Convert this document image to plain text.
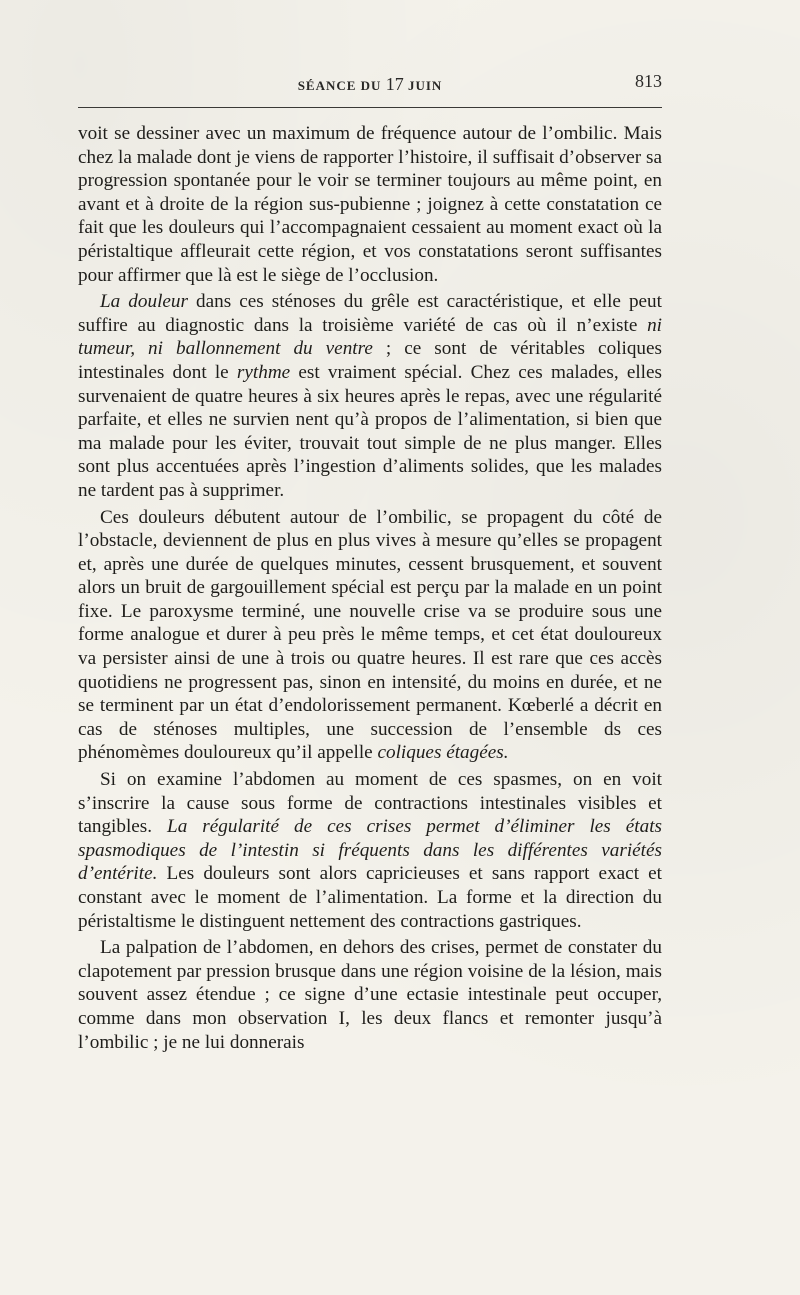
SÉANCE DU 17 JUIN	813

voit se dessiner avec un maximum de fréquence autour de l’ombilic. Mais chez la malade dont je viens de rapporter l’histoire, il suffisait d’observer sa progression spontanée pour le voir se terminer toujours au même point, en avant et à droite de la région sus-pubienne ; joignez à cette constatation ce fait que les douleurs qui l’accompagnaient cessaient au moment exact où la péristaltique affleurait cette région, et vos constatations seront suffisantes pour affirmer que là est le siège de l’occlusion.

La douleur dans ces sténoses du grêle est caractéristique, et elle peut suffire au diagnostic dans la troisième variété de cas où il n’existe ni tumeur, ni ballonnement du ventre ; ce sont de véritables coliques intestinales dont le rythme est vraiment spécial. Chez ces malades, elles survenaient de quatre heures à six heures après le repas, avec une régularité parfaite, et elles ne survien nent qu’à propos de l’alimentation, si bien que ma malade pour les éviter, trouvait tout simple de ne plus manger. Elles sont plus accentuées après l’ingestion d’aliments solides, que les malades ne tardent pas à supprimer.

Ces douleurs débutent autour de l’ombilic, se propagent du côté de l’obstacle, deviennent de plus en plus vives à mesure qu’elles se propagent et, après une durée de quelques minutes, cessent brusquement, et souvent alors un bruit de gargouillement spécial est perçu par la malade en un point fixe. Le paroxysme terminé, une nouvelle crise va se produire sous une forme analogue et durer à peu près le même temps, et cet état douloureux va persister ainsi de une à trois ou quatre heures. Il est rare que ces accès quotidiens ne progressent pas, sinon en intensité, du moins en durée, et ne se terminent par un état d’endolorissement permanent. Kœberlé a décrit en cas de sténoses multiples, une succession de l’ensemble ds ces phénomèmes douloureux qu’il appelle coliques étagées.

Si on examine l’abdomen au moment de ces spasmes, on en voit s’inscrire la cause sous forme de contractions intestinales visibles et tangibles. La régularité de ces crises permet d’éliminer les états spasmodiques de l’intestin si fréquents dans les différentes variétés d’entérite. Les douleurs sont alors capricieuses et sans rapport exact et constant avec le moment de l’alimentation. La forme et la direction du péristaltisme le distinguent nettement des contractions gastriques.

La palpation de l’abdomen, en dehors des crises, permet de constater du clapotement par pression brusque dans une région voisine de la lésion, mais souvent assez étendue ; ce signe d’une ectasie intestinale peut occuper, comme dans mon observation I, les deux flancs et remonter jusqu’à l’ombilic ; je ne lui donnerais
